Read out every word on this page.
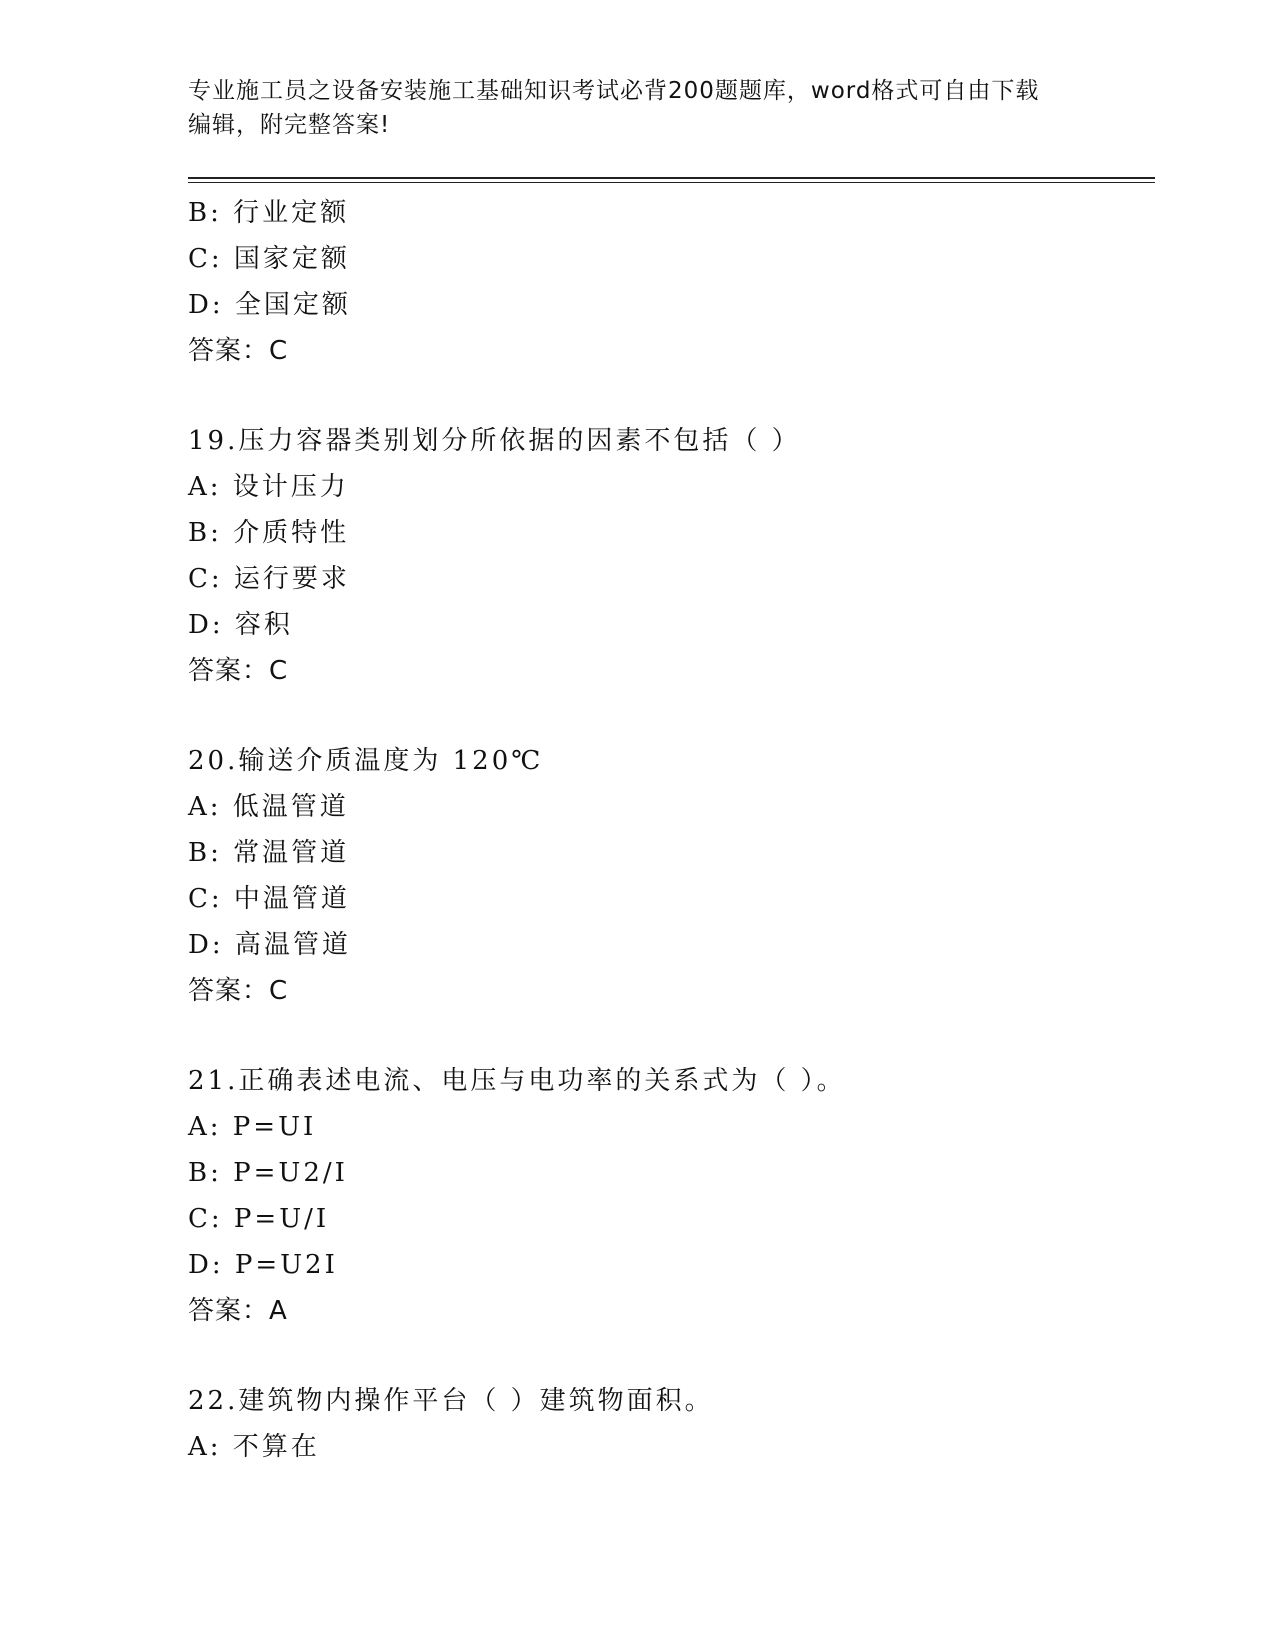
专业施工员之设备安装施工基础知识考试必背200题题库，word格式可自由下载
编辑，附完整答案!
B: 行业定额
C: 国家定额
D: 全国定额
答案：C
19.压力容器类别划分所依据的因素不包括（ ）
A: 设计压力
B: 介质特性
C: 运行要求
D: 容积
答案：C
20.输送介质温度为 120℃
A: 低温管道
B: 常温管道
C: 中温管道
D: 高温管道
答案：C
21.正确表述电流、电压与电功率的关系式为（ ）。
A: P=UI
B: P=U2/I
C: P=U/I
D: P=U2I
答案：A
22.建筑物内操作平台（ ）建筑物面积。
A: 不算在
